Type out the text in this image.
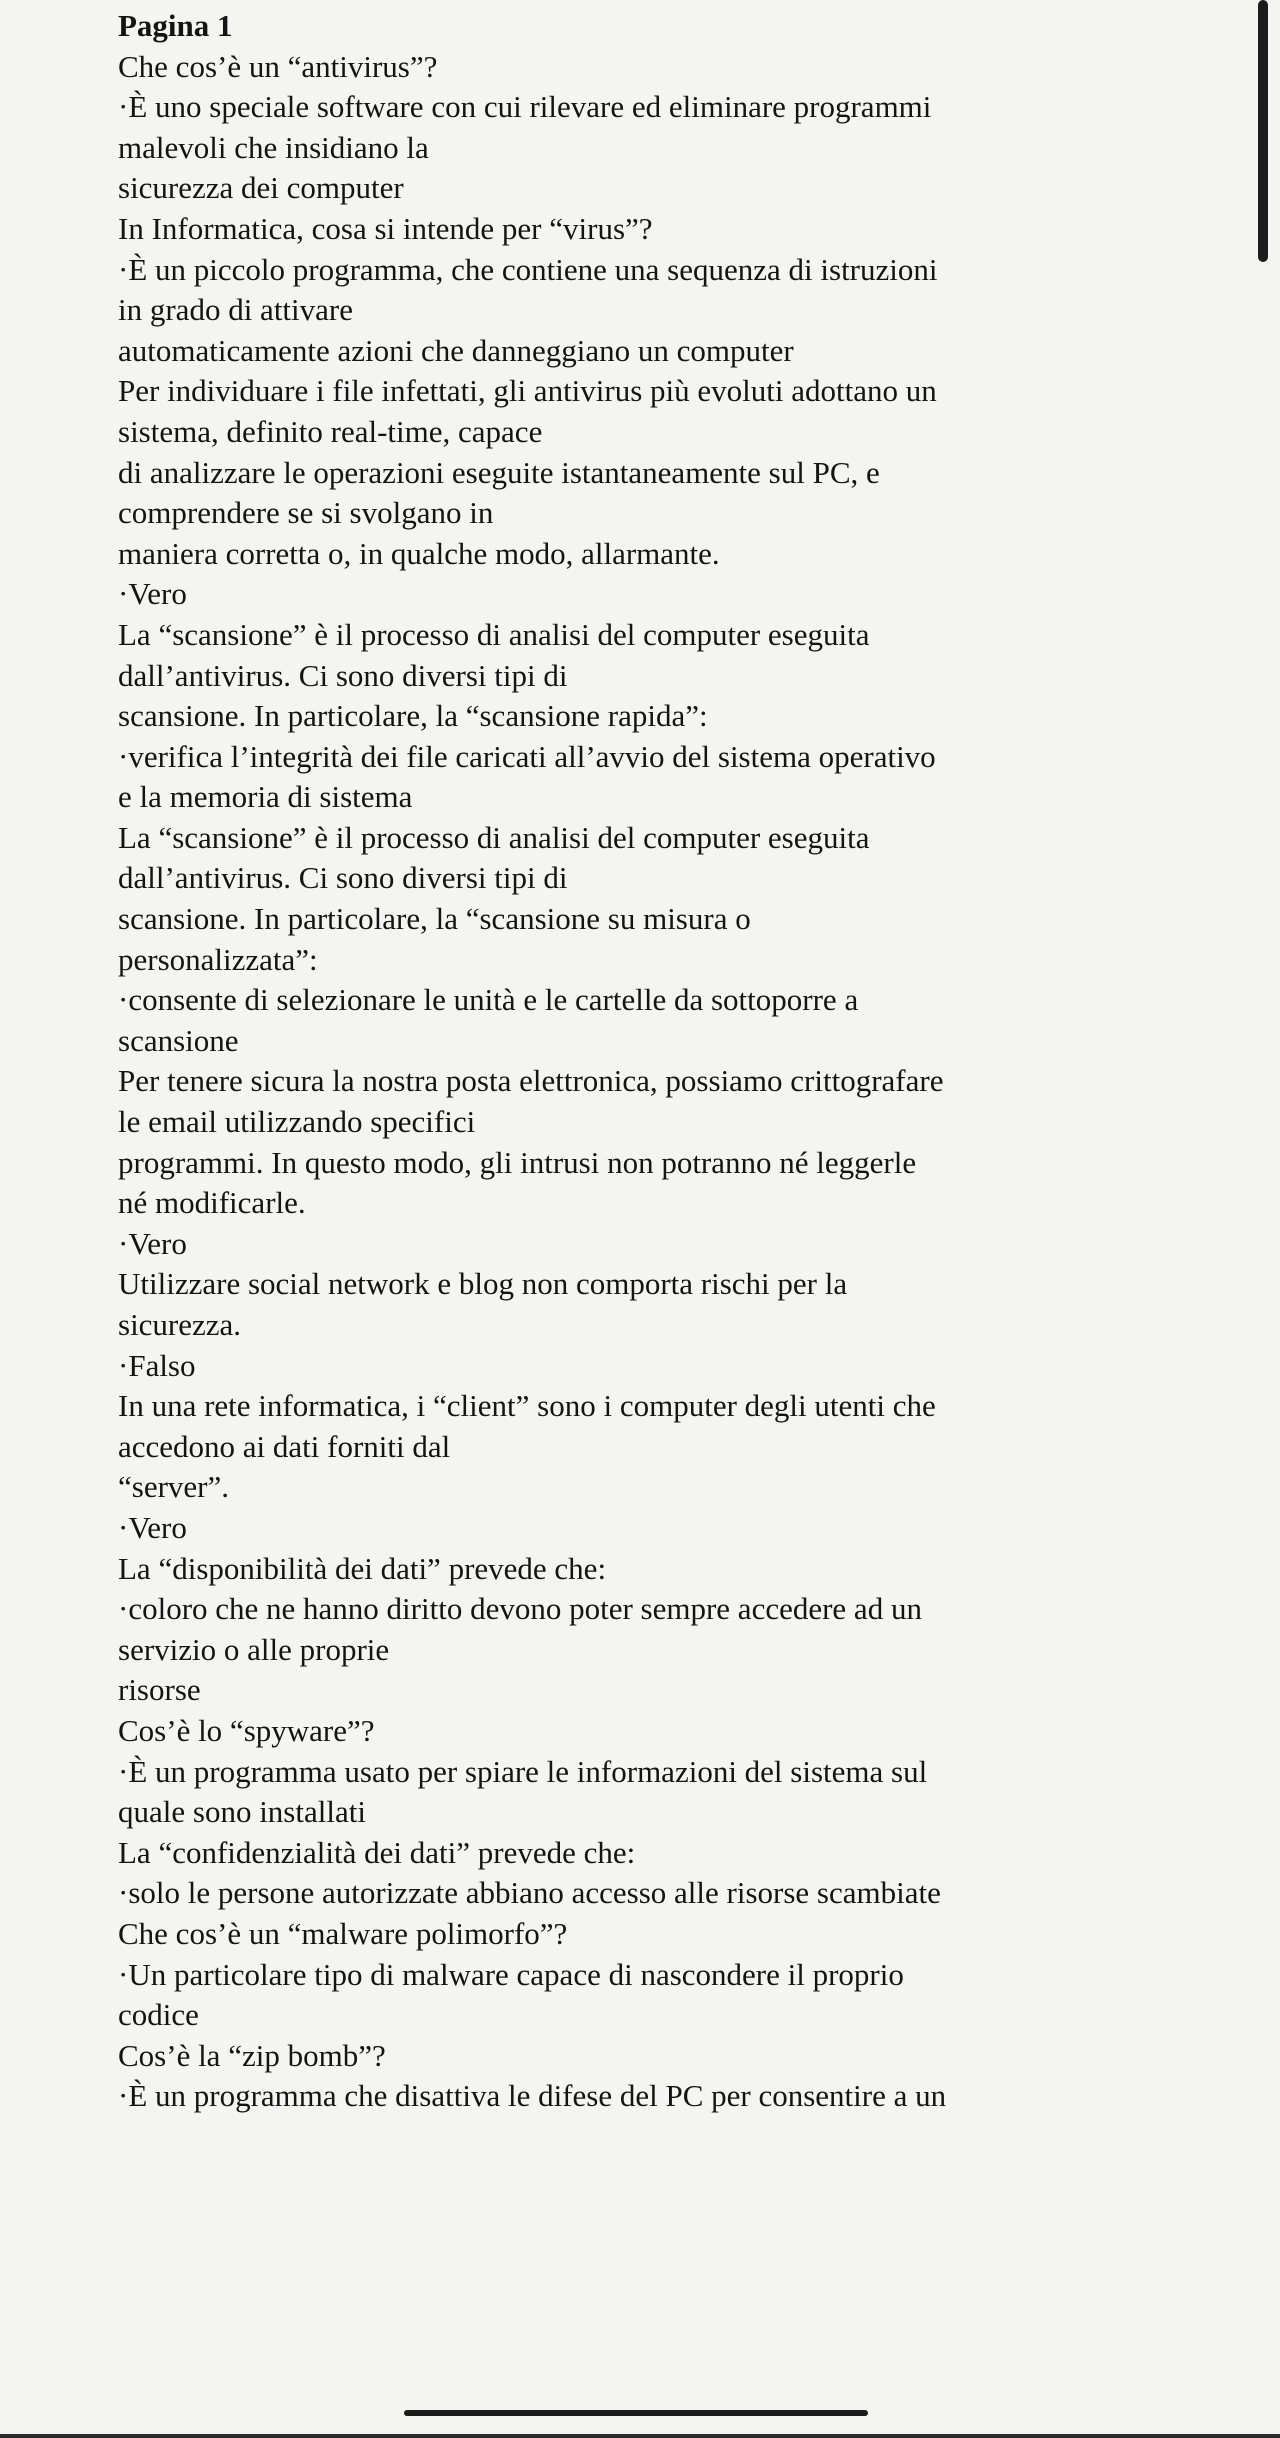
Pagina 1
Che cos’è un “antivirus”?
·È uno speciale software con cui rilevare ed eliminare programmi
malevoli che insidiano la
sicurezza dei computer
In Informatica, cosa si intende per “virus”?
·È un piccolo programma, che contiene una sequenza di istruzioni
in grado di attivare
automaticamente azioni che danneggiano un computer
Per individuare i file infettati, gli antivirus più evoluti adottano un
sistema, definito real-time, capace
di analizzare le operazioni eseguite istantaneamente sul PC, e
comprendere se si svolgano in
maniera corretta o, in qualche modo, allarmante.
·Vero
La “scansione” è il processo di analisi del computer eseguita
dall’antivirus. Ci sono diversi tipi di
scansione. In particolare, la “scansione rapida”:
·verifica l’integrità dei file caricati all’avvio del sistema operativo
e la memoria di sistema
La “scansione” è il processo di analisi del computer eseguita
dall’antivirus. Ci sono diversi tipi di
scansione. In particolare, la “scansione su misura o
personalizzata”:
·consente di selezionare le unità e le cartelle da sottoporre a
scansione
Per tenere sicura la nostra posta elettronica, possiamo crittografare
le email utilizzando specifici
programmi. In questo modo, gli intrusi non potranno né leggerle
né modificarle.
·Vero
Utilizzare social network e blog non comporta rischi per la
sicurezza.
·Falso
In una rete informatica, i “client” sono i computer degli utenti che
accedono ai dati forniti dal
“server”.
·Vero
La “disponibilità dei dati” prevede che:
·coloro che ne hanno diritto devono poter sempre accedere ad un
servizio o alle proprie
risorse
Cos’è lo “spyware”?
·È un programma usato per spiare le informazioni del sistema sul
quale sono installati
La “confidenzialità dei dati” prevede che:
·solo le persone autorizzate abbiano accesso alle risorse scambiate
Che cos’è un “malware polimorfo”?
·Un particolare tipo di malware capace di nascondere il proprio
codice
Cos’è la “zip bomb”?
·È un programma che disattiva le difese del PC per consentire a un
